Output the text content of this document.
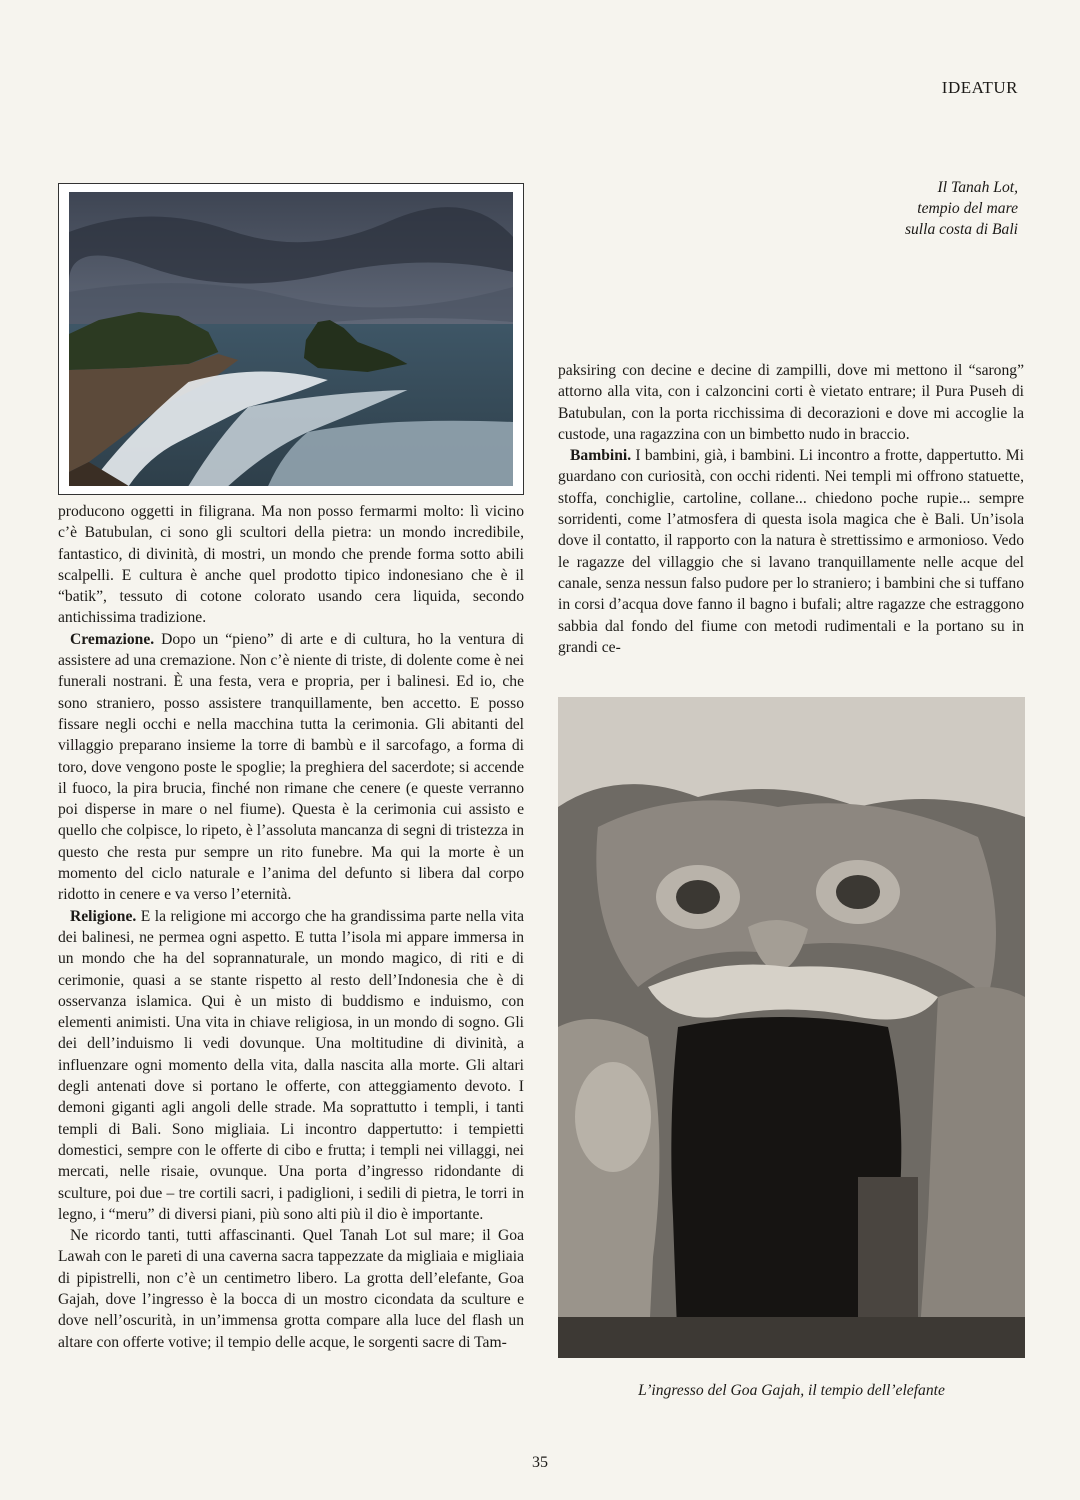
IDEATUR
Il Tanah Lot,
tempio del mare
sulla costa di Bali

producono oggetti in filigrana. Ma non posso fermarmi molto: lì vicino c’è Batubulan, ci sono gli scultori della pietra: un mondo incredibile, fantastico, di divinità, di mostri, un mondo che prende forma sotto abili scalpelli. E cultura è anche quel prodotto tipico indonesiano che è il “batik”, tessuto di cotone colorato usando cera liquida, secondo antichissima tradizione.

Cremazione. Dopo un “pieno” di arte e di cultura, ho la ventura di assistere ad una cremazione. Non c’è niente di triste, di dolente come è nei funerali nostrani. È una festa, vera e propria, per i balinesi. Ed io, che sono straniero, posso assistere tranquillamente, ben accetto. E posso fissare negli occhi e nella macchina tutta la cerimonia. Gli abitanti del villaggio preparano insieme la torre di bambù e il sarcofago, a forma di toro, dove vengono poste le spoglie; la preghiera del sacerdote; si accende il fuoco, la pira brucia, finché non rimane che cenere (e queste verranno poi disperse in mare o nel fiume). Questa è la cerimonia cui assisto e quello che colpisce, lo ripeto, è l’assoluta mancanza di segni di tristezza in questo che resta pur sempre un rito funebre. Ma qui la morte è un momento del ciclo naturale e l’anima del defunto si libera dal corpo ridotto in cenere e va verso l’eternità.

Religione. E la religione mi accorgo che ha grandissima parte nella vita dei balinesi, ne permea ogni aspetto. E tutta l’isola mi appare immersa in un mondo che ha del soprannaturale, un mondo magico, di riti e di cerimonie, quasi a se stante rispetto al resto dell’Indonesia che è di osservanza islamica. Qui è un misto di buddismo e induismo, con elementi animisti. Una vita in chiave religiosa, in un mondo di sogno. Gli dei dell’induismo li vedi dovunque. Una moltitudine di divinità, a influenzare ogni momento della vita, dalla nascita alla morte. Gli altari degli antenati dove si portano le offerte, con atteggiamento devoto. I demoni giganti agli angoli delle strade. Ma soprattutto i templi, i tanti templi di Bali. Sono migliaia. Li incontro dappertutto: i tempietti domestici, sempre con le offerte di cibo e frutta; i templi nei villaggi, nei mercati, nelle risaie, ovunque. Una porta d’ingresso ridondante di sculture, poi due – tre cortili sacri, i padiglioni, i sedili di pietra, le torri in legno, i “meru” di diversi piani, più sono alti più il dio è importante.

Ne ricordo tanti, tutti affascinanti. Quel Tanah Lot sul mare; il Goa Lawah con le pareti di una caverna sacra tappezzate da migliaia e migliaia di pipistrelli, non c’è un centimetro libero. La grotta dell’elefante, Goa Gajah, dove l’ingresso è la bocca di un mostro cicondata da sculture e dove nell’oscurità, in un’immensa grotta compare alla luce del flash un altare con offerte votive; il tempio delle acque, le sorgenti sacre di Tam-

paksiring con decine e decine di zampilli, dove mi mettono il “sarong” attorno alla vita, con i calzoncini corti è vietato entrare; il Pura Puseh di Batubulan, con la porta ricchissima di decorazioni e dove mi accoglie la custode, una ragazzina con un bimbetto nudo in braccio.

Bambini. I bambini, già, i bambini. Li incontro a frotte, dappertutto. Mi guardano con curiosità, con occhi ridenti. Nei templi mi offrono statuette, stoffa, conchiglie, cartoline, collane... chiedono poche rupie... sempre sorridenti, come l’atmosfera di questa isola magica che è Bali. Un’isola dove il contatto, il rapporto con la natura è strettissimo e armonioso. Vedo le ragazze del villaggio che si lavano tranquillamente nelle acque del canale, senza nessun falso pudore per lo straniero; i bambini che si tuffano in corsi d’acqua dove fanno il bagno i bufali; altre ragazze che estraggono sabbia dal fondo del fiume con metodi rudimentali e la portano su in grandi ce-

L’ingresso del Goa Gajah, il tempio dell’elefante
35
